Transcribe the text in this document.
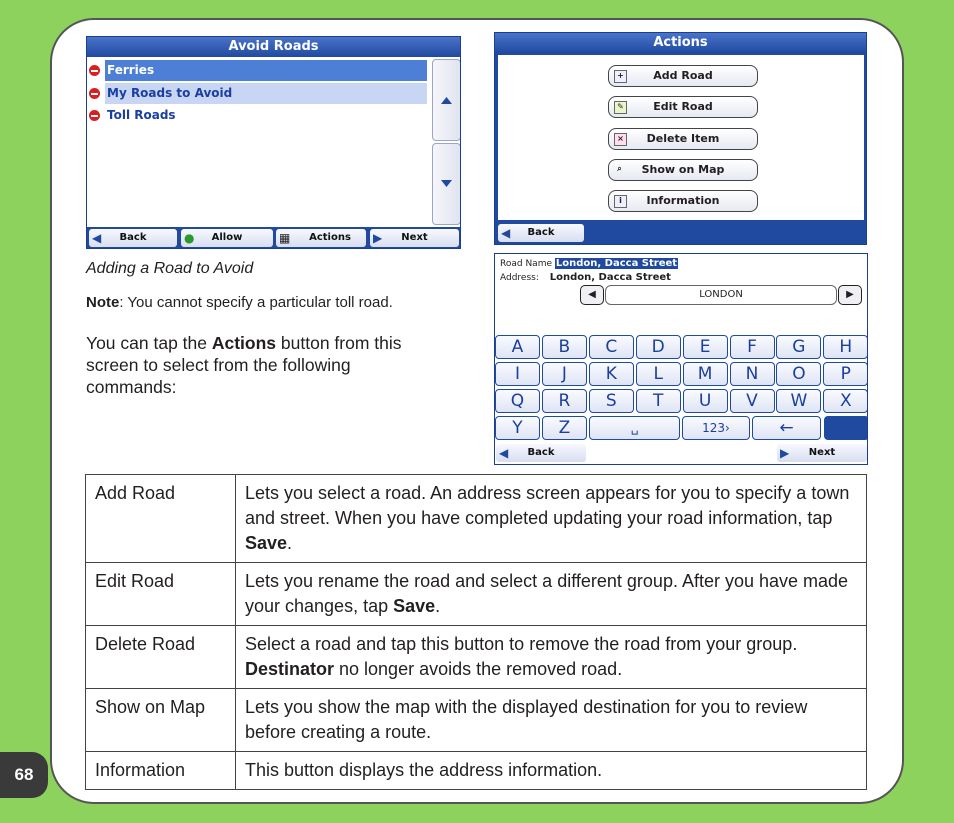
68
Avoid Roads
Ferries
My Roads to Avoid
Toll Roads
◀ Back	● Allow	▦ Actions	▶ Next
Actions
+	Add Road
✎	Edit Road
× Delete Item
⌕ Show on Map
i	Information
◀ Back
Road Name London, Dacca Street
Address: London, Dacca Street
◀	LONDON	▶
A	B	C	D	E	F	G	H
I	J	K	L	M	N	O	P
Q	R	S	T	U	V	W	X
Y	Z	␣	123›	←
◀ Back	▶ Next
Adding a Road to Avoid
Note: You cannot specify a particular toll road.
You can tap the Actions button from this screen to select from the following commands:
Add Road	Lets you select a road. An address screen appears for you to specify a town and street. When you have completed updating your road information, tap Save.
Edit Road	Lets you rename the road and select a different group. After you have made your changes, tap Save.
Delete Road	Select a road and tap this button to remove the road from your group. Destinator no longer avoids the removed road.
Show on Map	Lets you show the map with the displayed destination for you to review before creating a route.
Information	This button displays the address information.
